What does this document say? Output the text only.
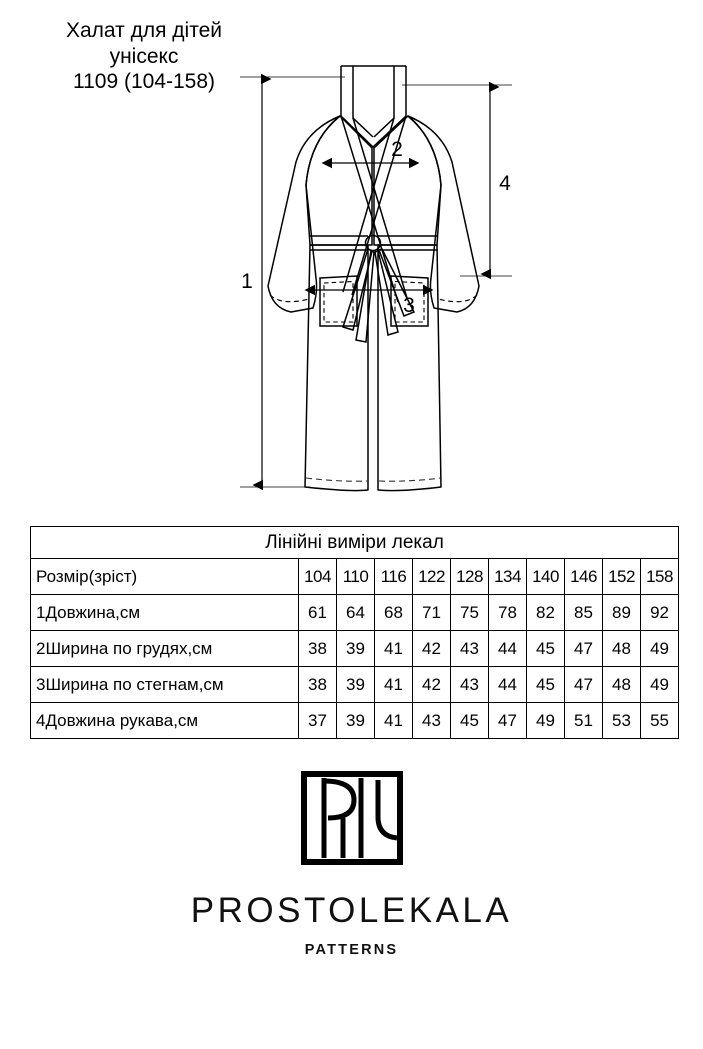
Халат для дітей
унісекс
1109 (104-158)
1
4
2
3
Лінійні виміри лекал										
Розмір(зріст)	104	110	116	122	128	134	140	146	152	158
1Довжина,см	61	64	68	71	75	78	82	85	89	92
2Ширина по грудях,см	38	39	41	42	43	44	45	47	48	49
3Ширина по стегнам,см	38	39	41	42	43	44	45	47	48	49
4Довжина рукава,см	37	39	41	43	45	47	49	51	53	55
PROSTOLEKALA
PATTERNS
